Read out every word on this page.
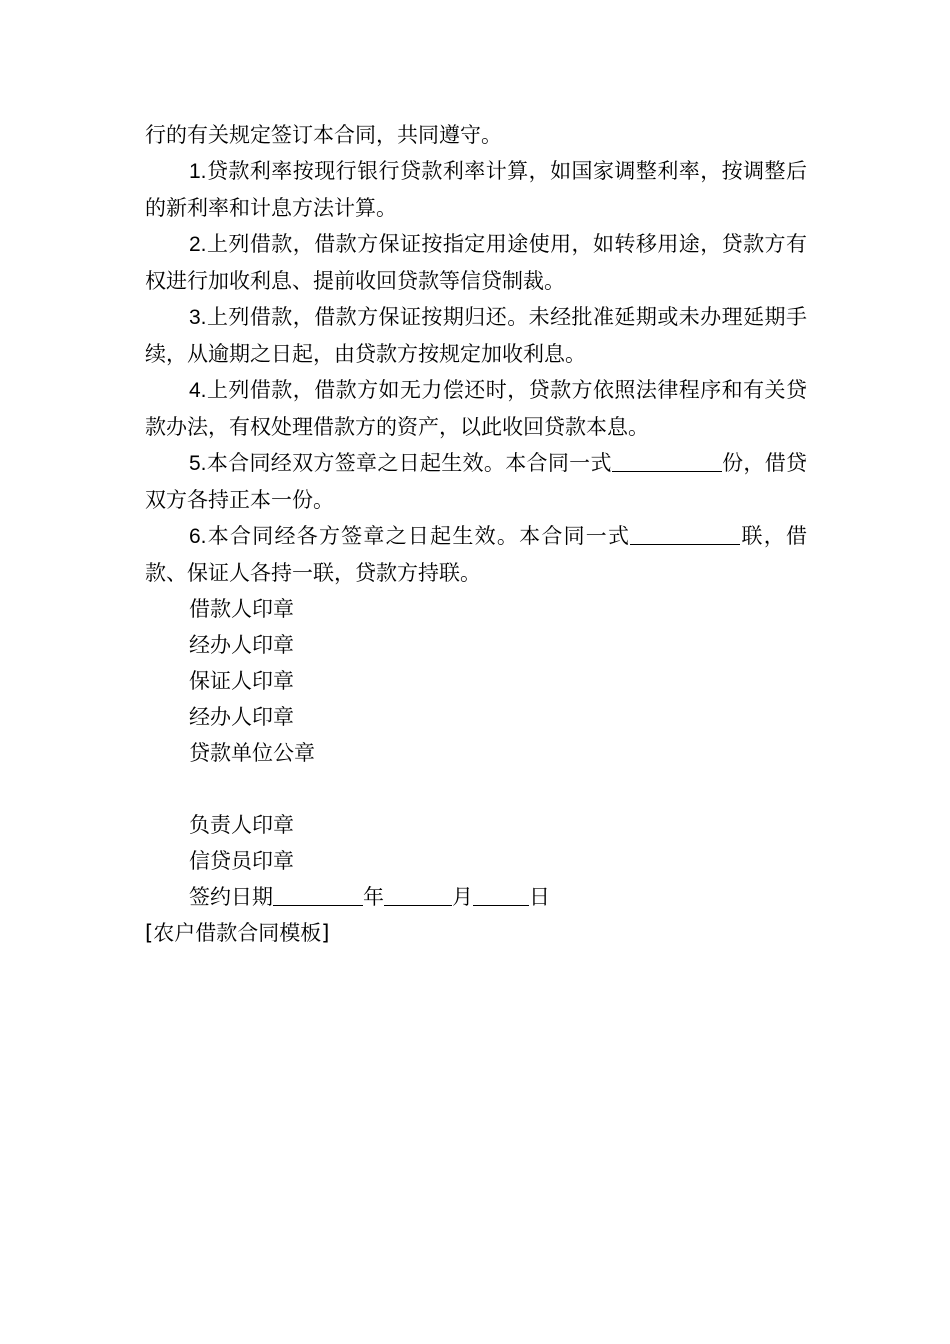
行的有关规定签订本合同，共同遵守。

1.贷款利率按现行银行贷款利率计算，如国家调整利率，按调整后的新利率和计息方法计算。

2.上列借款，借款方保证按指定用途使用，如转移用途，贷款方有权进行加收利息、提前收回贷款等信贷制裁。

3.上列借款，借款方保证按期归还。未经批准延期或未办理延期手续，从逾期之日起，由贷款方按规定加收利息。

4.上列借款，借款方如无力偿还时，贷款方依照法律程序和有关贷款办法，有权处理借款方的资产，以此收回贷款本息。

5.本合同经双方签章之日起生效。本合同一式	份，借贷双方各持正本一份。

6.本合同经各方签章之日起生效。本合同一式	联，借款、保证人各持一联，贷款方持联。

借款人印章

经办人印章

保证人印章

经办人印章

贷款单位公章

负责人印章

信贷员印章

签约日期	年	月	日

[农户借款合同模板]
